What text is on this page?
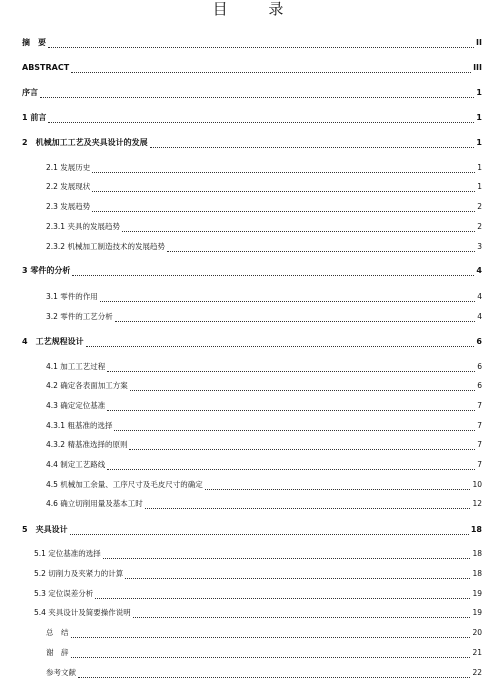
目 录
摘　要	II
ABSTRACT	III
序言	1
1 前言	1
2　机械加工工艺及夹具设计的发展	1
2.1 发展历史	1
2.2 发展现状	1
2.3 发展趋势	2
2.3.1 夹具的发展趋势	2
2.3.2 机械加工制造技术的发展趋势	3
3 零件的分析	4
3.1 零件的作用	4
3.2 零件的工艺分析	4
4　工艺规程设计	6
4.1 加工工艺过程	6
4.2 确定各表面加工方案	6
4.3 确定定位基准	7
4.3.1 粗基准的选择	7
4.3.2 精基准选择的原则	7
4.4 制定工艺路线	7
4.5 机械加工余量、工序尺寸及毛皮尺寸的确定	10
4.6 确立切削用量及基本工时	12
5　夹具设计	18
5.1 定位基准的选择	18
5.2 切削力及夹紧力的计算	18
5.3 定位误差分析	19
5.4 夹具设计及简要操作说明	19
总　结	20
谢　辞	21
参考文献	22
